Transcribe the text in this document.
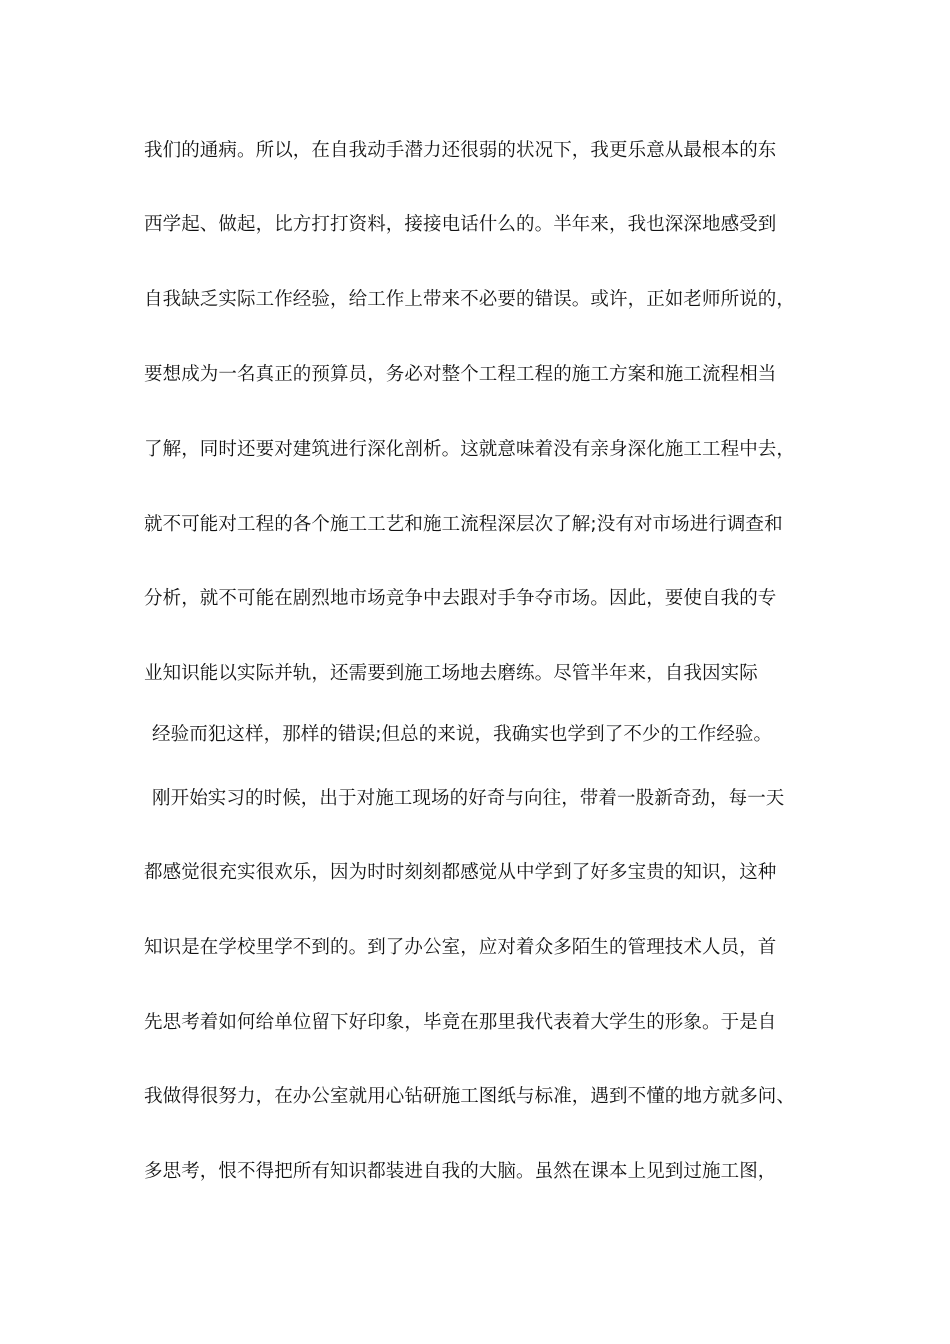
我们的通病。所以，在自我动手潜力还很弱的状况下，我更乐意从最根本的东
西学起、做起，比方打打资料，接接电话什么的。半年来，我也深深地感受到
自我缺乏实际工作经验，给工作上带来不必要的错误。或许，正如老师所说的，
要想成为一名真正的预算员，务必对整个工程工程的施工方案和施工流程相当
了解，同时还要对建筑进行深化剖析。这就意味着没有亲身深化施工工程中去，
就不可能对工程的各个施工工艺和施工流程深层次了解;没有对市场进行调查和
分析，就不可能在剧烈地市场竞争中去跟对手争夺市场。因此，要使自我的专
业知识能以实际并轨，还需要到施工场地去磨练。尽管半年来，自我因实际
经验而犯这样，那样的错误;但总的来说，我确实也学到了不少的工作经验。
刚开始实习的时候，出于对施工现场的好奇与向往，带着一股新奇劲，每一天
都感觉很充实很欢乐，因为时时刻刻都感觉从中学到了好多宝贵的知识，这种
知识是在学校里学不到的。到了办公室，应对着众多陌生的管理技术人员，首
先思考着如何给单位留下好印象，毕竟在那里我代表着大学生的形象。于是自
我做得很努力，在办公室就用心钻研施工图纸与标准，遇到不懂的地方就多问、
多思考，恨不得把所有知识都装进自我的大脑。虽然在课本上见到过施工图，
